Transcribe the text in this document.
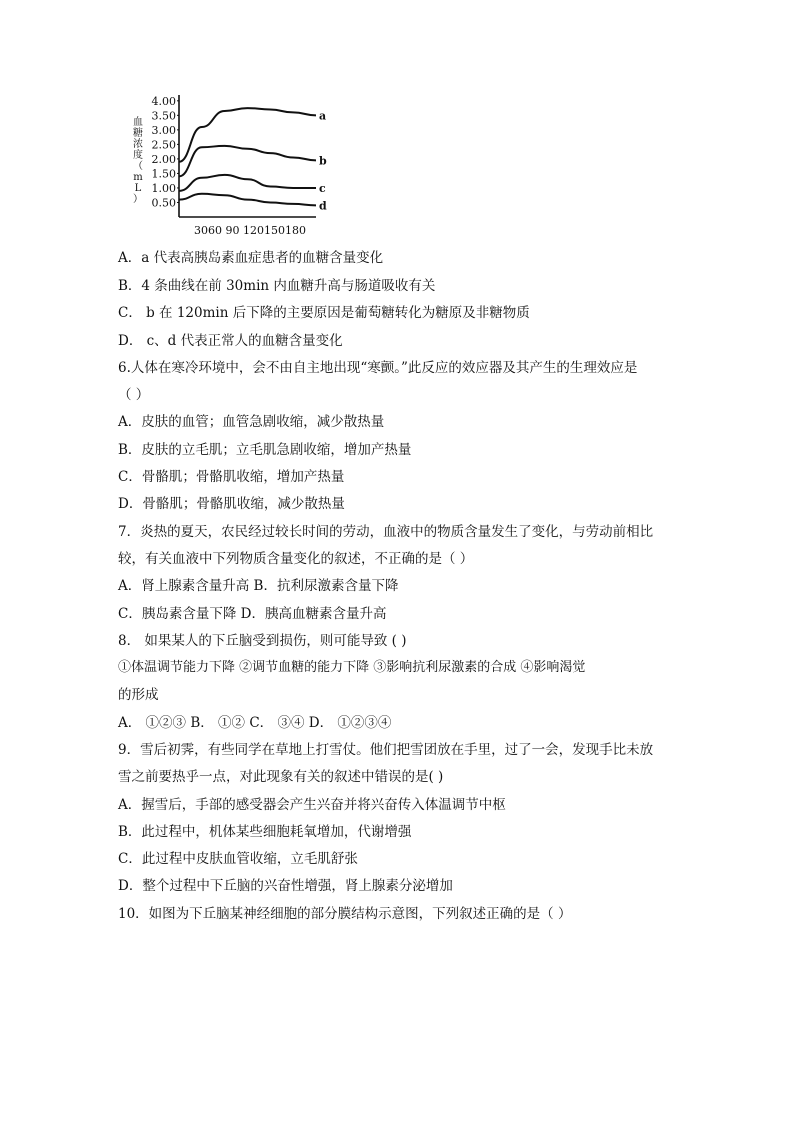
血
糖
浓
度
（
m
L
）
4.00
3.50
3.00
2.50
2.00
1.50
1.00
0.50
a
b
c
d
3060 90 120150180
A．a 代表高胰岛素血症患者的血糖含量变化
B．4 条曲线在前 30min 内血糖升高与肠道吸收有关
C． b 在 120min 后下降的主要原因是葡萄糖转化为糖原及非糖物质
D． c、d 代表正常人的血糖含量变化
6.人体在寒冷环境中，会不由自主地出现“寒颤。”此反应的效应器及其产生的生理效应是
（ ）
A．皮肤的血管；血管急剧收缩，减少散热量
B．皮肤的立毛肌；立毛肌急剧收缩，增加产热量
C．骨骼肌；骨骼肌收缩，增加产热量
D．骨骼肌；骨骼肌收缩，减少散热量
7．炎热的夏天，农民经过较长时间的劳动，血液中的物质含量发生了变化，与劳动前相比
较，有关血液中下列物质含量变化的叙述，不正确的是（ ）
A．肾上腺素含量升高 B．抗利尿激素含量下降
C．胰岛素含量下降 D．胰高血糖素含量升高
8． 如果某人的下丘脑受到损伤，则可能导致 ( )
①体温调节能力下降 ②调节血糖的能力下降 ③影响抗利尿激素的合成 ④影响渴觉
的形成
A． ①②③ B． ①② C． ③④ D． ①②③④
9．雪后初霁，有些同学在草地上打雪仗。他们把雪团放在手里，过了一会，发现手比未放
雪之前要热乎一点，对此现象有关的叙述中错误的是( )
A．握雪后，手部的感受器会产生兴奋并将兴奋传入体温调节中枢
B．此过程中，机体某些细胞耗氧增加，代谢增强
C．此过程中皮肤血管收缩，立毛肌舒张
D．整个过程中下丘脑的兴奋性增强，肾上腺素分泌增加
10．如图为下丘脑某神经细胞的部分膜结构示意图，下列叙述正确的是（ ）
